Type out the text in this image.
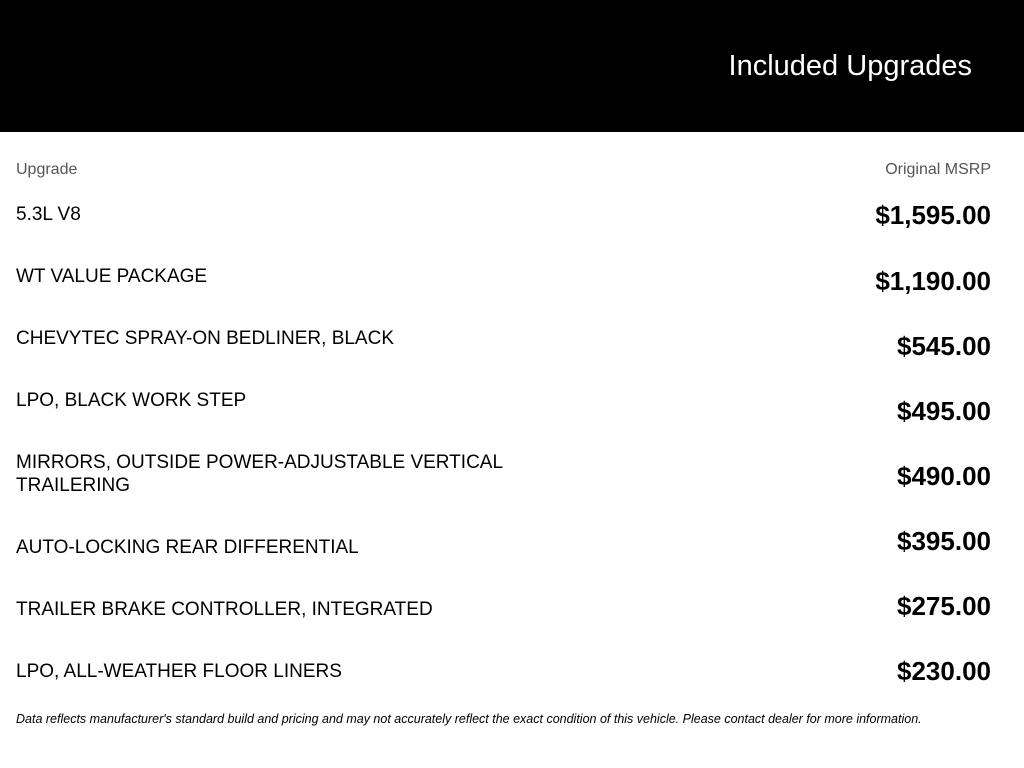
Included Upgrades
Upgrade	Original MSRP
5.3L V8	$1,595.00
WT VALUE PACKAGE	$1,190.00
CHEVYTEC SPRAY-ON BEDLINER, BLACK	$545.00
LPO, BLACK WORK STEP	$495.00
MIRRORS, OUTSIDE POWER-ADJUSTABLE VERTICAL TRAILERING	$490.00
AUTO-LOCKING REAR DIFFERENTIAL	$395.00
TRAILER BRAKE CONTROLLER, INTEGRATED	$275.00
LPO, ALL-WEATHER FLOOR LINERS	$230.00
Data reflects manufacturer's standard build and pricing and may not accurately reflect the exact condition of this vehicle. Please contact dealer for more information.
